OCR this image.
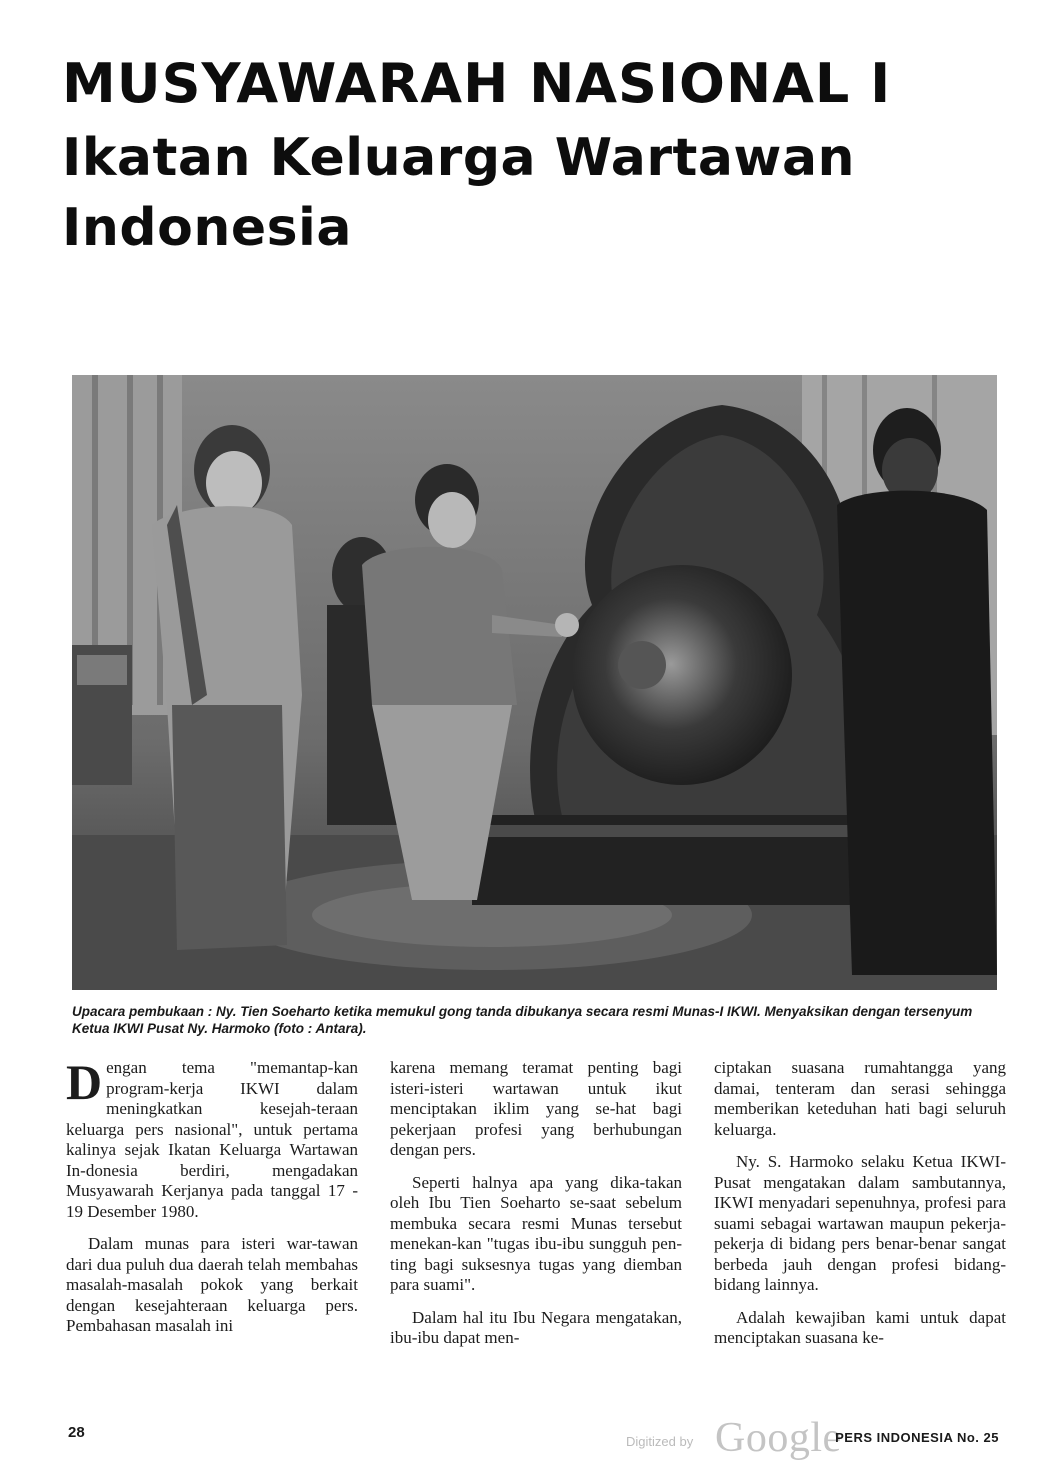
MUSYAWARAH NASIONAL I
Ikatan Keluarga Wartawan
Indonesia

Upacara pembukaan : Ny. Tien Soeharto ketika memukul gong tanda dibukanya secara resmi Munas-I IKWI. Menyaksikan dengan tersenyum Ketua IKWI Pusat Ny. Harmoko (foto : Antara).

Dengan tema "memantap-kan program-kerja IKWI dalam meningkatkan kesejah-teraan keluarga pers nasional", untuk pertama kalinya sejak Ikatan Keluarga Wartawan In-donesia berdiri, mengadakan Musyawarah Kerjanya pada tanggal 17 - 19 Desember 1980.

Dalam munas para isteri war-tawan dari dua puluh dua daerah telah membahas masalah-masalah pokok yang berkait dengan kesejahteraan keluarga pers. Pembahasan masalah ini

karena memang teramat penting bagi isteri-isteri wartawan untuk ikut menciptakan iklim yang se-hat bagi pekerjaan profesi yang berhubungan dengan pers.

Seperti halnya apa yang dika-takan oleh Ibu Tien Soeharto se-saat sebelum membuka secara resmi Munas tersebut menekan-kan "tugas ibu-ibu sungguh pen-ting bagi suksesnya tugas yang diemban para suami".

Dalam hal itu Ibu Negara mengatakan, ibu-ibu dapat men-

ciptakan suasana rumahtangga yang damai, tenteram dan serasi sehingga memberikan keteduhan hati bagi seluruh keluarga.

Ny. S. Harmoko selaku Ketua IKWI-Pusat mengatakan dalam sambutannya, IKWI menyadari sepenuhnya, profesi para suami sebagai wartawan maupun pekerja-pekerja di bidang pers benar-benar sangat berbeda jauh dengan profesi bidang-bidang lainnya.

Adalah kewajiban kami untuk dapat menciptakan suasana ke-

28
Digitized by Google
PERS INDONESIA No. 25
